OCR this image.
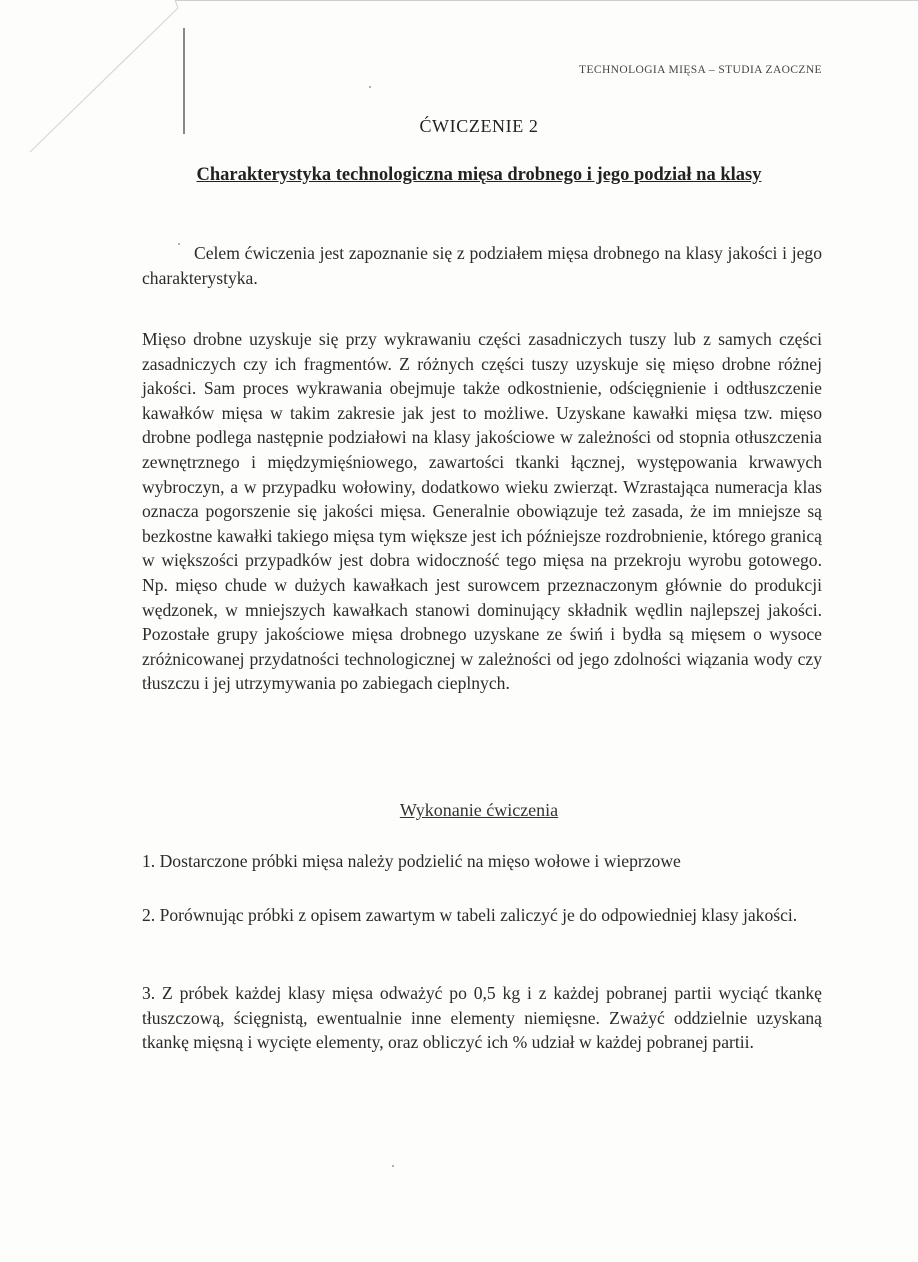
TECHNOLOGIA MIĘSA – STUDIA ZAOCZNE
ĆWICZENIE 2
Charakterystyka technologiczna mięsa drobnego i jego podział na klasy
Celem ćwiczenia jest zapoznanie się z podziałem mięsa drobnego na klasy jakości i jego charakterystyka.
Mięso drobne uzyskuje się przy wykrawaniu części zasadniczych tuszy lub z samych części zasadniczych czy ich fragmentów. Z różnych części tuszy uzyskuje się mięso drobne różnej jakości. Sam proces wykrawania obejmuje także odkostnienie, odścięgnienie i odtłuszczenie kawałków mięsa w takim zakresie jak jest to możliwe. Uzyskane kawałki mięsa tzw. mięso drobne podlega następnie podziałowi na klasy jakościowe w zależności od stopnia otłuszczenia zewnętrznego i międzymięśniowego, zawartości tkanki łącznej, występowania krwawych wybroczyn, a w przypadku wołowiny, dodatkowo wieku zwierząt. Wzrastająca numeracja klas oznacza pogorszenie się jakości mięsa. Generalnie obowiązuje też zasada, że im mniejsze są bezkostne kawałki takiego mięsa tym większe jest ich późniejsze rozdrobnienie, którego granicą w większości przypadków jest dobra widoczność tego mięsa na przekroju wyrobu gotowego. Np. mięso chude w dużych kawałkach jest surowcem przeznaczonym głównie do produkcji wędzonek, w mniejszych kawałkach stanowi dominujący składnik wędlin najlepszej jakości. Pozostałe grupy jakościowe mięsa drobnego uzyskane ze świń i bydła są mięsem o wysoce zróżnicowanej przydatności technologicznej w zależności od jego zdolności wiązania wody czy tłuszczu i jej utrzymywania po zabiegach cieplnych.
Wykonanie ćwiczenia
1. Dostarczone próbki mięsa należy podzielić na mięso wołowe i wieprzowe
2. Porównując próbki z opisem zawartym w tabeli zaliczyć je do odpowiedniej klasy jakości.
3. Z próbek każdej klasy mięsa odważyć po 0,5 kg i z każdej pobranej partii wyciąć tkankę tłuszczową, ścięgnistą, ewentualnie inne elementy niemięsne. Zważyć oddzielnie uzyskaną tkankę mięsną i wycięte elementy, oraz obliczyć ich % udział w każdej pobranej partii.
